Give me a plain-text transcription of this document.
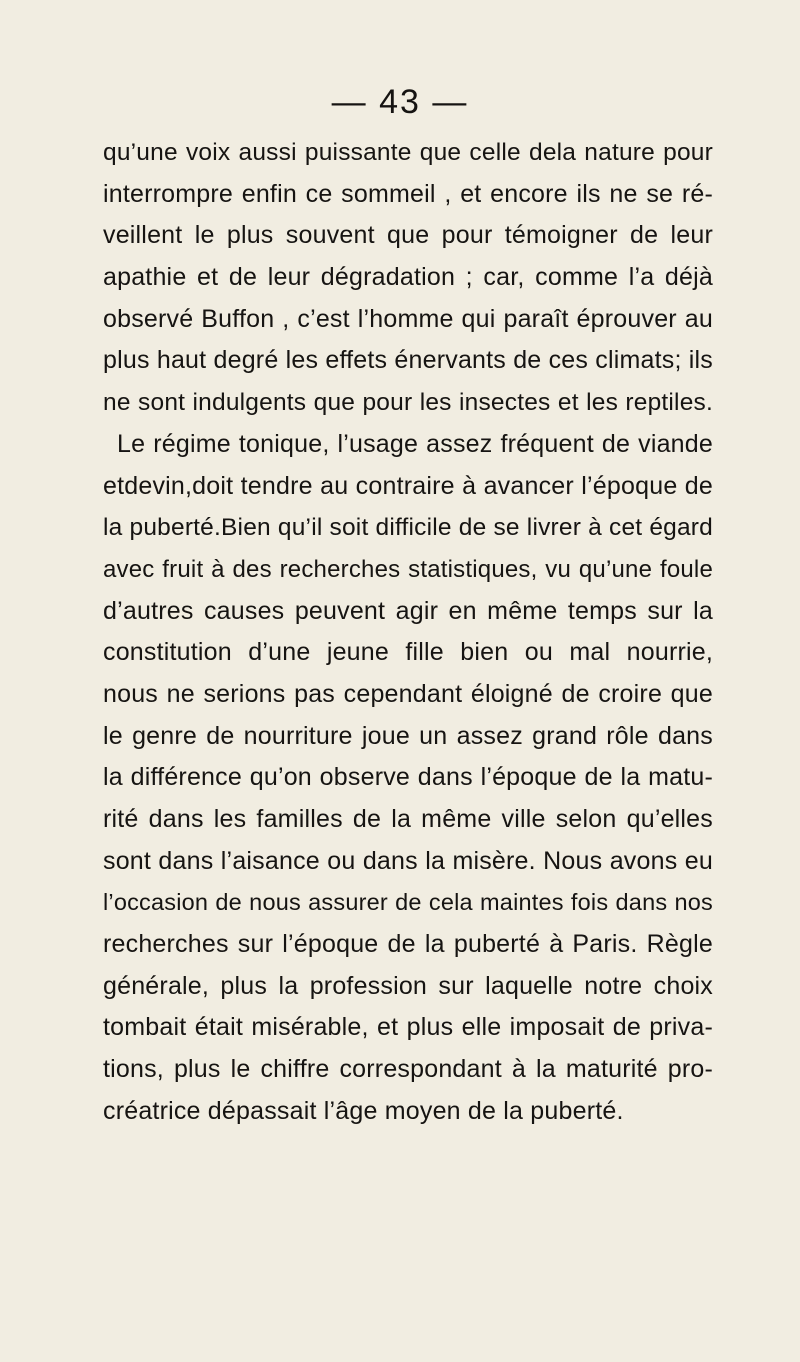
— 43 —
qu’une voix aussi puissante que celle dela nature pour
interrompre enfin ce sommeil , et encore ils ne se ré-
veillent le plus souvent que pour témoigner de leur
apathie et de leur dégradation ; car, comme l’a déjà
observé Buffon , c’est l’homme qui paraît éprouver au
plus haut degré les effets énervants de ces climats; ils
ne sont indulgents que pour les insectes et les reptiles.
Le régime tonique, l’usage assez fréquent de viande
etdevin,doit tendre au contraire à avancer l’époque de
la puberté.Bien qu’il soit difficile de se livrer à cet égard
avec fruit à des recherches statistiques, vu qu’une foule
d’autres causes peuvent agir en même temps sur la
constitution d’une jeune fille bien ou mal nourrie,
nous ne serions pas cependant éloigné de croire que
le genre de nourriture joue un assez grand rôle dans
la différence qu’on observe dans l’époque de la matu-
rité dans les familles de la même ville selon qu’elles
sont dans l’aisance ou dans la misère. Nous avons eu
l’occasion de nous assurer de cela maintes fois dans nos
recherches sur l’époque de la puberté à Paris. Règle
générale, plus la profession sur laquelle notre choix
tombait était misérable, et plus elle imposait de priva-
tions, plus le chiffre correspondant à la maturité pro-
créatrice dépassait l’âge moyen de la puberté.
